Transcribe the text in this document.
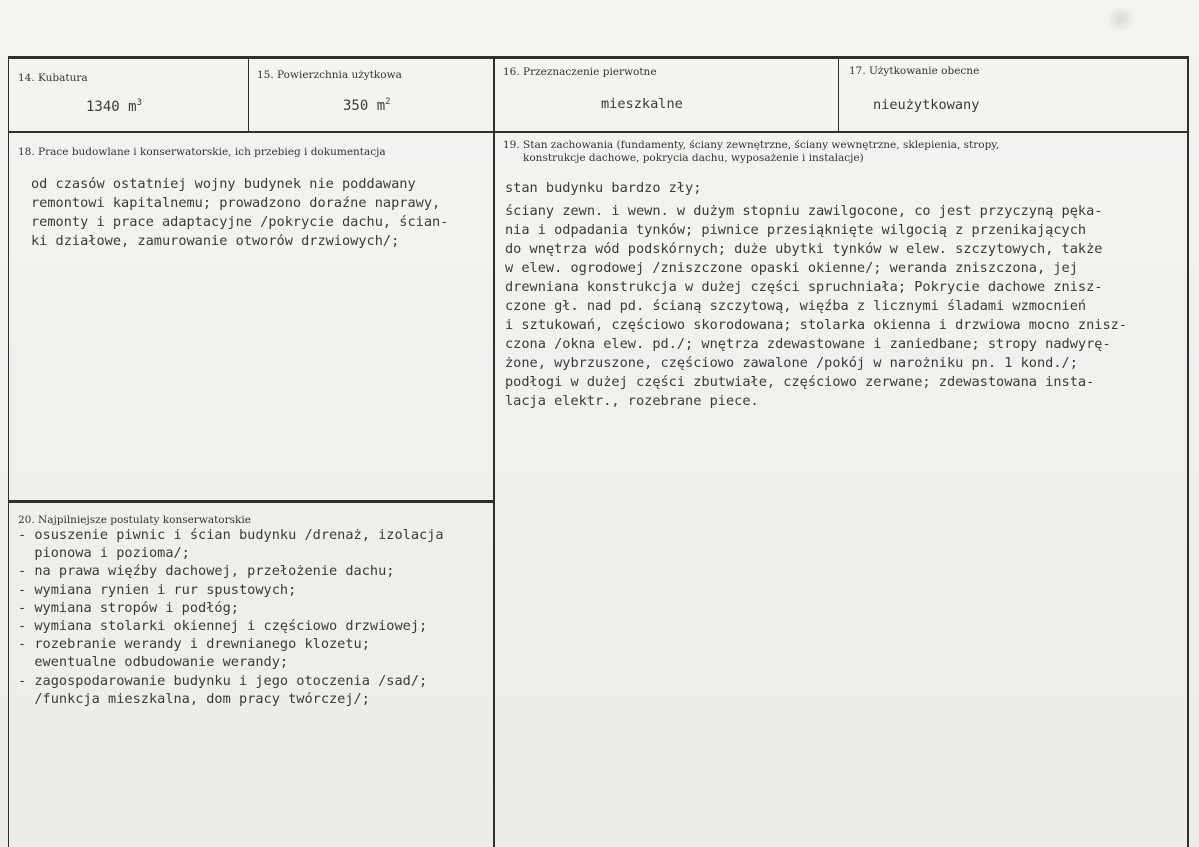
14. Kubatura
1340 $m^3$
15. Powierzchnia użytkowa
350 $m^2$
16. Przeznaczenie pierwotne
mieszkalne
17. Użytkowanie obecne
nieużytkowany
18. Prace budowlane i konserwatorskie, ich przebieg i dokumentacja
od czasów ostatniej wojny budynek nie poddawany
remontowi kapitalnemu; prowadzono doraźne naprawy,
remonty i prace adaptacyjne /pokrycie dachu, ścian-
ki działowe, zamurowanie otworów drzwiowych/;
19. Stan zachowania (fundamenty, ściany zewnętrzne, ściany wewnętrzne, sklepienia, stropy,
konstrukcje dachowe, pokrycia dachu, wyposażenie i instalacje)
stan budynku bardzo zły;
ściany zewn. i wewn. w dużym stopniu zawilgocone, co jest przyczyną pęka-
nia i odpadania tynków; piwnice przesiąknięte wilgocią z przenikających
do wnętrza wód podskórnych; duże ubytki tynków w elew. szczytowych, także
w elew. ogrodowej /zniszczone opaski okienne/; weranda zniszczona, jej
drewniana konstrukcja w dużej części spruchniała; Pokrycie dachowe znisz-
czone gł. nad pd. ścianą szczytową, więźba z licznymi śladami wzmocnień
i sztukowań, częściowo skorodowana; stolarka okienna i drzwiowa mocno znisz-
czona /okna elew. pd./; wnętrza zdewastowane i zaniedbane; stropy nadwyrę-
żone, wybrzuszone, częściowo zawalone /pokój w narożniku pn. 1 kond./;
podłogi w dużej części zbutwiałe, częściowo zerwane; zdewastowana insta-
lacja elektr., rozebrane piece.
20. Najpilniejsze postulaty konserwatorskie
- osuszenie piwnic i ścian budynku /drenaż, izolacja
pionowa i pozioma/;
- na prawa więźby dachowej, przełożenie dachu;
- wymiana rynien i rur spustowych;
- wymiana stropów i podłóg;
- wymiana stolarki okiennej i częściowo drzwiowej;
- rozebranie werandy i drewnianego klozetu;
ewentualne odbudowanie werandy;
- zagospodarowanie budynku i jego otoczenia /sad/;
/funkcja mieszkalna, dom pracy twórczej/;
